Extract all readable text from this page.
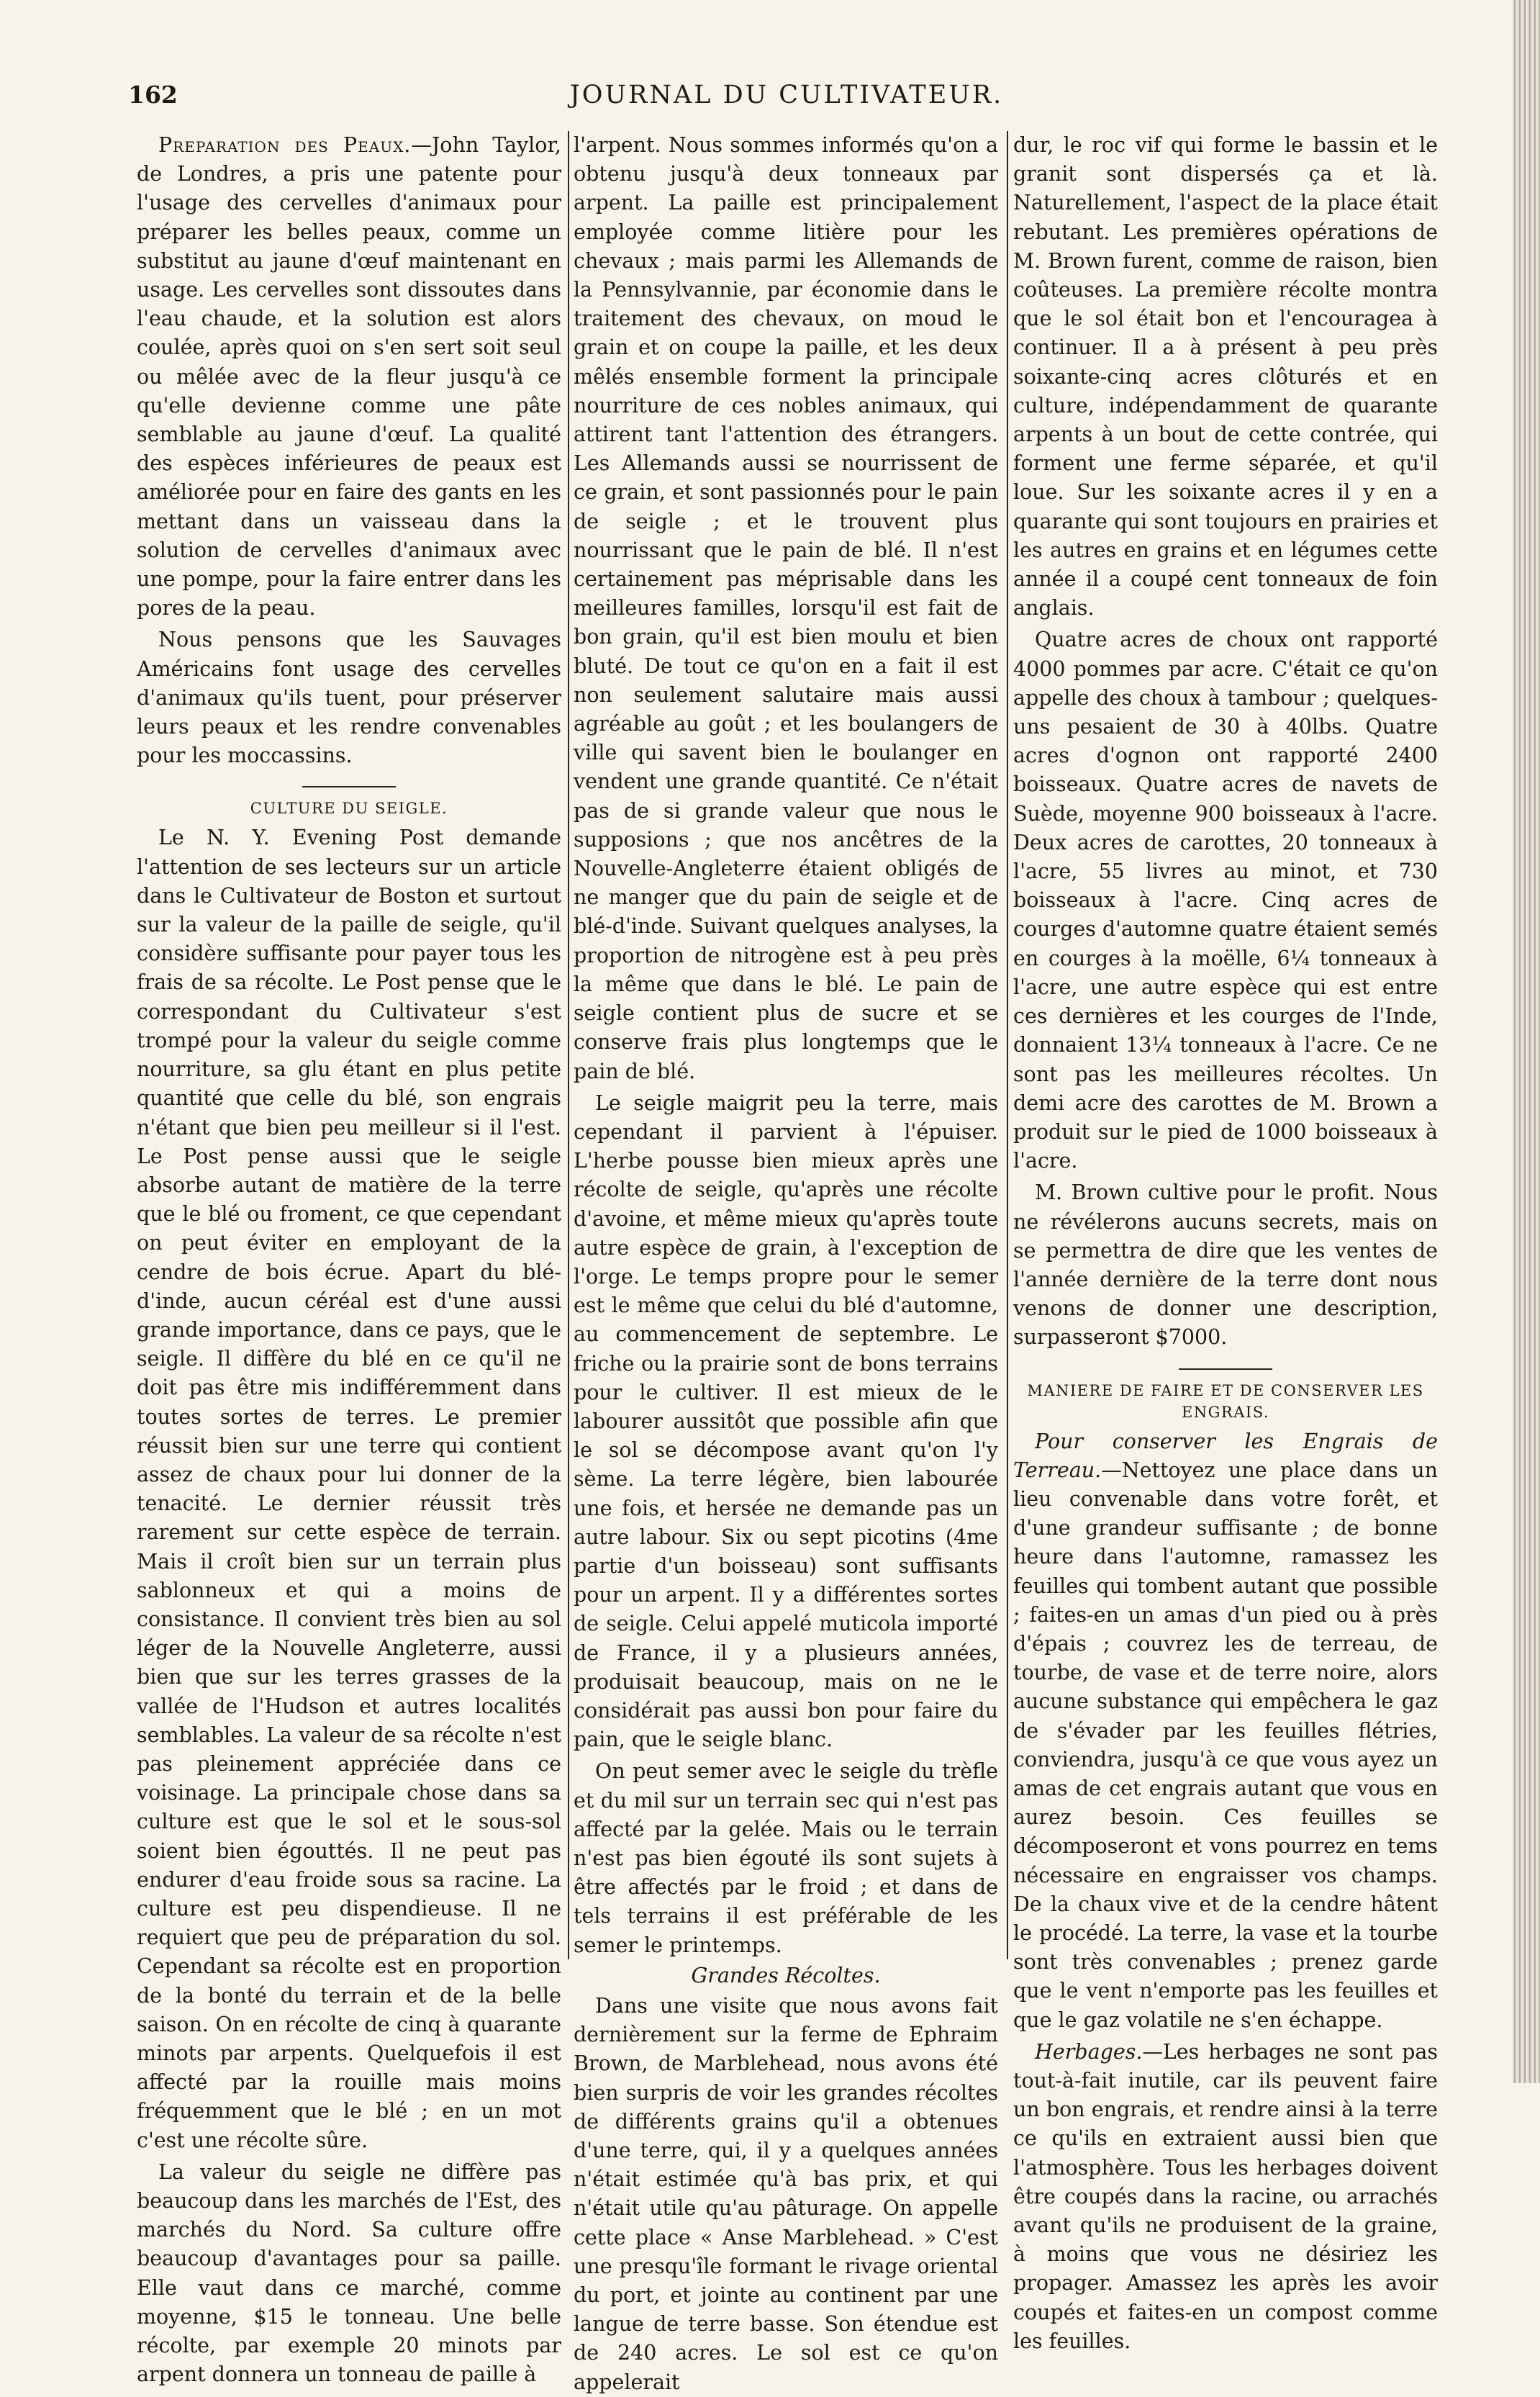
162	JOURNAL DU CULTIVATEUR.

Preparation des Peaux.—John Taylor, de Londres, a pris une patente pour l'usage des cervelles d'animaux pour préparer les belles peaux, comme un substitut au jaune d'œuf maintenant en usage. Les cervelles sont dissoutes dans l'eau chaude, et la solution est alors coulée, après quoi on s'en sert soit seul ou mêlée avec de la fleur jusqu'à ce qu'elle devienne comme une pâte semblable au jaune d'œuf. La qualité des espèces inférieures de peaux est améliorée pour en faire des gants en les mettant dans un vaisseau dans la solution de cervelles d'animaux avec une pompe, pour la faire entrer dans les pores de la peau.

Nous pensons que les Sauvages Américains font usage des cervelles d'animaux qu'ils tuent, pour préserver leurs peaux et les rendre convenables pour les moccassins.

CULTURE DU SEIGLE.

Le N. Y. Evening Post demande l'attention de ses lecteurs sur un article dans le Cultivateur de Boston et surtout sur la valeur de la paille de seigle, qu'il considère suffisante pour payer tous les frais de sa récolte. Le Post pense que le correspondant du Cultivateur s'est trompé pour la valeur du seigle comme nourriture, sa glu étant en plus petite quantité que celle du blé, son engrais n'étant que bien peu meilleur si il l'est. Le Post pense aussi que le seigle absorbe autant de matière de la terre que le blé ou froment, ce que cependant on peut éviter en employant de la cendre de bois écrue. Apart du blé-d'inde, aucun céréal est d'une aussi grande importance, dans ce pays, que le seigle. Il diffère du blé en ce qu'il ne doit pas être mis indifféremment dans toutes sortes de terres. Le premier réussit bien sur une terre qui contient assez de chaux pour lui donner de la tenacité. Le dernier réussit très rarement sur cette espèce de terrain. Mais il croît bien sur un terrain plus sablonneux et qui a moins de consistance. Il convient très bien au sol léger de la Nouvelle Angleterre, aussi bien que sur les terres grasses de la vallée de l'Hudson et autres localités semblables. La valeur de sa récolte n'est pas pleinement appréciée dans ce voisinage. La principale chose dans sa culture est que le sol et le sous-sol soient bien égouttés. Il ne peut pas endurer d'eau froide sous sa racine. La culture est peu dispendieuse. Il ne requiert que peu de préparation du sol. Cependant sa récolte est en proportion de la bonté du terrain et de la belle saison. On en récolte de cinq à quarante minots par arpents. Quelquefois il est affecté par la rouille mais moins fréquemment que le blé ; en un mot c'est une récolte sûre.

La valeur du seigle ne diffère pas beaucoup dans les marchés de l'Est, des marchés du Nord. Sa culture offre beaucoup d'avantages pour sa paille. Elle vaut dans ce marché, comme moyenne, $15 le tonneau. Une belle récolte, par exemple 20 minots par arpent donnera un tonneau de paille à

l'arpent. Nous sommes informés qu'on a obtenu jusqu'à deux tonneaux par arpent. La paille est principalement employée comme litière pour les chevaux ; mais parmi les Allemands de la Pennsylvannie, par économie dans le traitement des chevaux, on moud le grain et on coupe la paille, et les deux mêlés ensemble forment la principale nourriture de ces nobles animaux, qui attirent tant l'attention des étrangers. Les Allemands aussi se nourrissent de ce grain, et sont passionnés pour le pain de seigle ; et le trouvent plus nourrissant que le pain de blé. Il n'est certainement pas méprisable dans les meilleures familles, lorsqu'il est fait de bon grain, qu'il est bien moulu et bien bluté. De tout ce qu'on en a fait il est non seulement salutaire mais aussi agréable au goût ; et les boulangers de ville qui savent bien le boulanger en vendent une grande quantité. Ce n'était pas de si grande valeur que nous le supposions ; que nos ancêtres de la Nouvelle-Angleterre étaient obligés de ne manger que du pain de seigle et de blé-d'inde. Suivant quelques analyses, la proportion de nitrogène est à peu près la même que dans le blé. Le pain de seigle contient plus de sucre et se conserve frais plus longtemps que le pain de blé.

Le seigle maigrit peu la terre, mais cependant il parvient à l'épuiser. L'herbe pousse bien mieux après une récolte de seigle, qu'après une récolte d'avoine, et même mieux qu'après toute autre espèce de grain, à l'exception de l'orge. Le temps propre pour le semer est le même que celui du blé d'automne, au commencement de septembre. Le friche ou la prairie sont de bons terrains pour le cultiver. Il est mieux de le labourer aussitôt que possible afin que le sol se décompose avant qu'on l'y sème. La terre légère, bien labourée une fois, et hersée ne demande pas un autre labour. Six ou sept picotins (4me partie d'un boisseau) sont suffisants pour un arpent. Il y a différentes sortes de seigle. Celui appelé muticola importé de France, il y a plusieurs années, produisait beaucoup, mais on ne le considérait pas aussi bon pour faire du pain, que le seigle blanc.

On peut semer avec le seigle du trèfle et du mil sur un terrain sec qui n'est pas affecté par la gelée. Mais ou le terrain n'est pas bien égouté ils sont sujets à être affectés par le froid ; et dans de tels terrains il est préférable de les semer le printemps.

Grandes Récoltes.

Dans une visite que nous avons fait dernièrement sur la ferme de Ephraim Brown, de Marblehead, nous avons été bien surpris de voir les grandes récoltes de différents grains qu'il a obtenues d'une terre, qui, il y a quelques années n'était estimée qu'à bas prix, et qui n'était utile qu'au pâturage. On appelle cette place « Anse Marblehead. » C'est une presqu'île formant le rivage oriental du port, et jointe au continent par une langue de terre basse. Son étendue est de 240 acres. Le sol est ce qu'on appelerait

dur, le roc vif qui forme le bassin et le granit sont dispersés ça et là. Naturellement, l'aspect de la place était rebutant. Les premières opérations de M. Brown furent, comme de raison, bien coûteuses. La première récolte montra que le sol était bon et l'encouragea à continuer. Il a à présent à peu près soixante-cinq acres clôturés et en culture, indépendamment de quarante arpents à un bout de cette contrée, qui forment une ferme séparée, et qu'il loue. Sur les soixante acres il y en a quarante qui sont toujours en prairies et les autres en grains et en légumes cette année il a coupé cent tonneaux de foin anglais.

Quatre acres de choux ont rapporté 4000 pommes par acre. C'était ce qu'on appelle des choux à tambour ; quelques-uns pesaient de 30 à 40lbs. Quatre acres d'ognon ont rapporté 2400 boisseaux. Quatre acres de navets de Suède, moyenne 900 boisseaux à l'acre. Deux acres de carottes, 20 tonneaux à l'acre, 55 livres au minot, et 730 boisseaux à l'acre. Cinq acres de courges d'automne quatre étaient semés en courges à la moëlle, 6¼ tonneaux à l'acre, une autre espèce qui est entre ces dernières et les courges de l'Inde, donnaient 13¼ tonneaux à l'acre. Ce ne sont pas les meilleures récoltes. Un demi acre des carottes de M. Brown a produit sur le pied de 1000 boisseaux à l'acre.

M. Brown cultive pour le profit. Nous ne révélerons aucuns secrets, mais on se permettra de dire que les ventes de l'année dernière de la terre dont nous venons de donner une description, surpasseront $7000.

MANIERE DE FAIRE ET DE CONSERVER LES ENGRAIS.

Pour conserver les Engrais de Terreau.—Nettoyez une place dans un lieu convenable dans votre forêt, et d'une grandeur suffisante ; de bonne heure dans l'automne, ramassez les feuilles qui tombent autant que possible ; faites-en un amas d'un pied ou à près d'épais ; couvrez les de terreau, de tourbe, de vase et de terre noire, alors aucune substance qui empêchera le gaz de s'évader par les feuilles flétries, conviendra, jusqu'à ce que vous ayez un amas de cet engrais autant que vous en aurez besoin. Ces feuilles se décomposeront et vons pourrez en tems nécessaire en engraisser vos champs. De la chaux vive et de la cendre hâtent le procédé. La terre, la vase et la tourbe sont très convenables ; prenez garde que le vent n'emporte pas les feuilles et que le gaz volatile ne s'en échappe.

Herbages.—Les herbages ne sont pas tout-à-fait inutile, car ils peuvent faire un bon engrais, et rendre ainsi à la terre ce qu'ils en extraient aussi bien que l'atmosphère. Tous les herbages doivent être coupés dans la racine, ou arrachés avant qu'ils ne produisent de la graine, à moins que vous ne désiriez les propager. Amassez les après les avoir coupés et faites-en un compost comme les feuilles.
